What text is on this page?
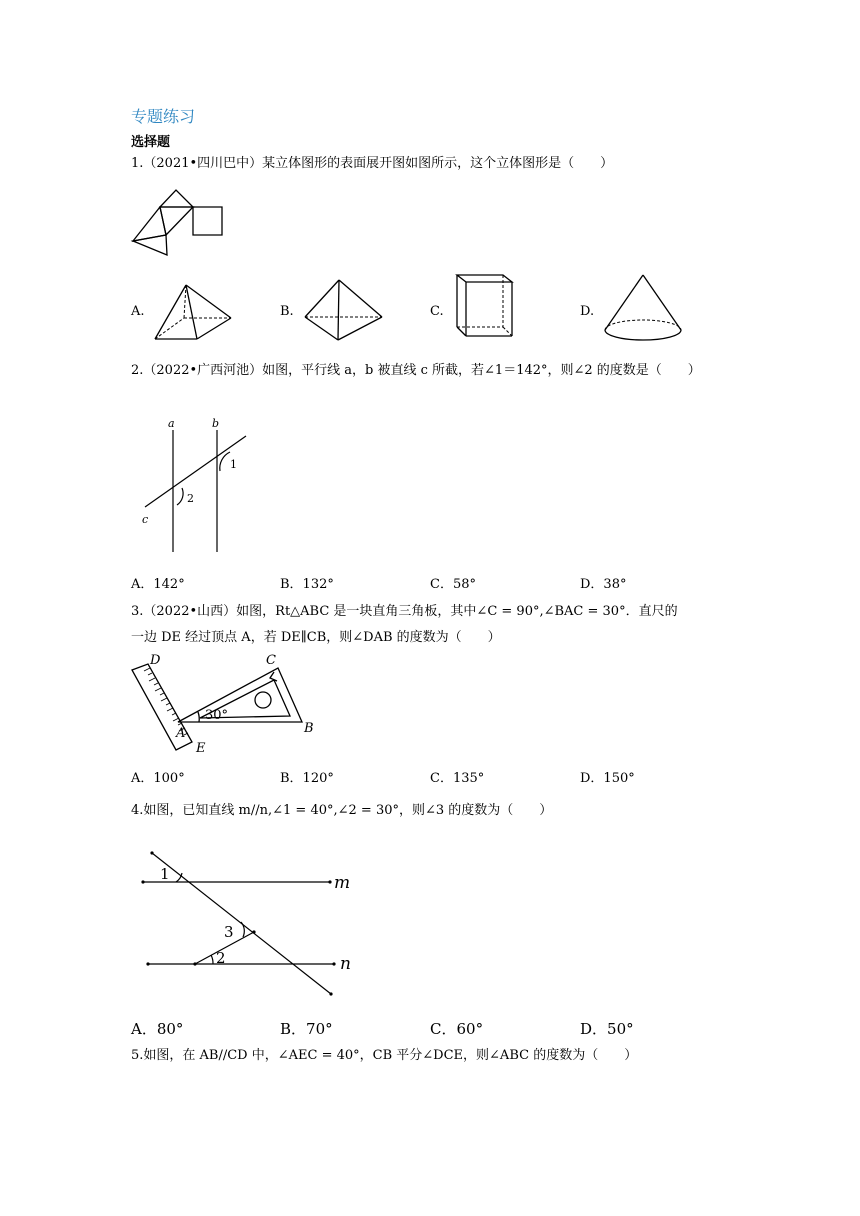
专题练习
选择题
1.（2021•四川巴中）某立体图形的表面展开图如图所示，这个立体图形是（　　）
A.	B.	C.	D.
2.（2022•广西河池）如图，平行线 a，b 被直线 c 所截，若∠1＝142°，则∠2 的度数是（　　）
a	b
c
1
2
A．142°	B．132°	C．58°	D．38°
3.（2022•山西）如图，Rt△ABC 是一块直角三角板，其中∠C = 90°,∠BAC = 30°．直尺的
一边 DE 经过顶点 A，若 DE∥CB，则∠DAB 的度数为（　　）
D	C
A
E
B
30°
A．100°	B．120°	C．135°	D．150°
4.如图，已知直线 m//n,∠1 = 40°,∠2 = 30°，则∠3 的度数为（　　）
1
2
3
m
n
A．80°	B．70°	C．60°	D．50°
5.如图，在 AB//CD 中，∠AEC = 40°，CB 平分∠DCE，则∠ABC 的度数为（　　）
